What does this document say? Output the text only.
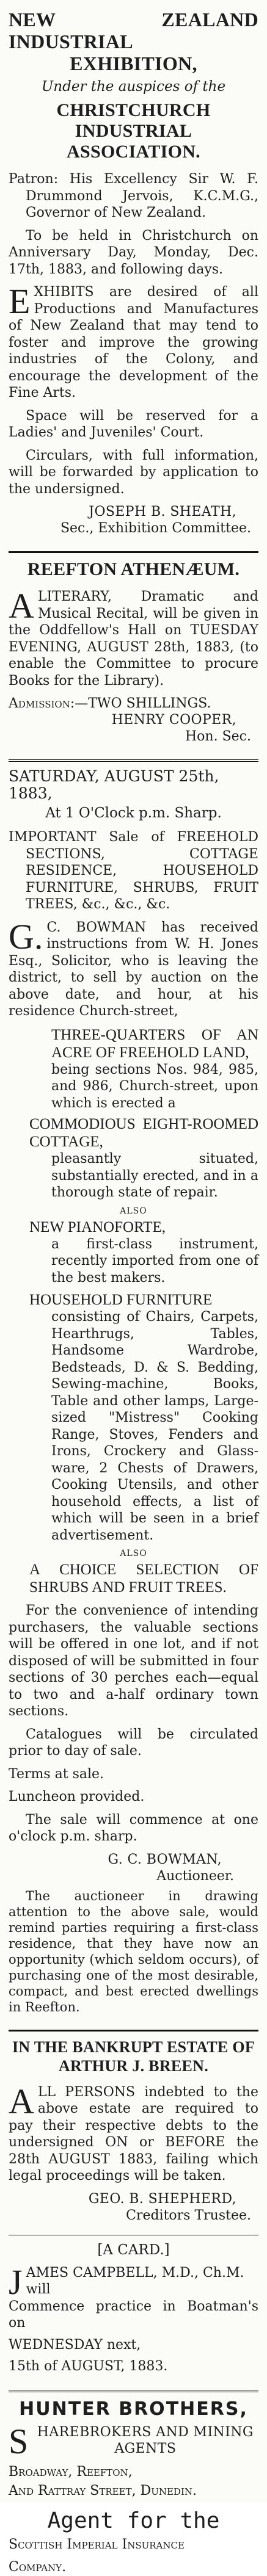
NEW ZEALAND INDUSTRIAL EXHIBITION,

Under the auspices of the

CHRISTCHURCH INDUSTRIAL ASSOCIATION.

Patron: His Excellency Sir W. F. Drummond Jervois, K.C.M.G., Governor of New Zealand.

To be held in Christchurch on Anniversary Day, Monday, Dec. 17th, 1883, and following days.

EXHIBITS are desired of all Productions and Manufactures of New Zealand that may tend to foster and improve the growing industries of the Colony, and encourage the development of the Fine Arts.

Space will be reserved for a Ladies' and Juveniles' Court.

Circulars, with full information, will be forwarded by application to the undersigned.

JOSEPH B. SHEATH,

Sec., Exhibition Committee.

REEFTON ATHENÆUM.

ALITERARY, Dramatic and Musical Recital, will be given in the Oddfellow's Hall on TUESDAY EVENING, AUGUST 28th, 1883, (to enable the Committee to procure Books for the Library).

Admission:—TWO SHILLINGS.

HENRY COOPER,

Hon. Sec.

SATURDAY, AUGUST 25th, 1883,

At 1 O'Clock p.m. Sharp.

IMPORTANT Sale of FREEHOLD SECTIONS, COTTAGE RESIDENCE, HOUSEHOLD FURNITURE, SHRUBS, FRUIT TREES, &c., &c., &c.

G.C. BOWMAN has received instructions from W. H. Jones Esq., Solicitor, who is leaving the district, to sell by auction on the above date, and hour, at his residence Church-street,

THREE-QUARTERS OF AN ACRE OF FREEHOLD LAND,

being sections Nos. 984, 985, and 986, Church-street, upon which is erected a

COMMODIOUS EIGHT-ROOMED COTTAGE,

pleasantly situated, substantially erected, and in a thorough state of repair.

ALSO

NEW PIANOFORTE,

a first-class instrument, recently imported from one of the best makers.

HOUSEHOLD FURNITURE

consisting of Chairs, Carpets, Hearthrugs, Tables, Handsome Wardrobe, Bedsteads, D. & S. Bedding, Sewing-machine, Books, Table and other lamps, Large-sized "Mistress" Cooking Range, Stoves, Fenders and Irons, Crockery and Glass-ware, 2 Chests of Drawers, Cooking Utensils, and other household effects, a list of which will be seen in a brief advertisement.

ALSO

A CHOICE SELECTION OF SHRUBS AND FRUIT TREES.

For the convenience of intending purchasers, the valuable sections will be offered in one lot, and if not disposed of will be submitted in four sections of 30 perches each—equal to two and a-half ordinary town sections.

Catalogues will be circulated prior to day of sale.

Terms at sale.

Luncheon provided.

The sale will commence at one o'clock p.m. sharp.

G. C. BOWMAN,

Auctioneer.

The auctioneer in drawing attention to the above sale, would remind parties requiring a first-class residence, that they have now an opportunity (which seldom occurs), of purchasing one of the most desirable, compact, and best erected dwellings in Reefton.

IN THE BANKRUPT ESTATE OF
ARTHUR J. BREEN.

ALL PERSONS indebted to the above estate are required to pay their respective debts to the undersigned ON or BEFORE the 28th AUGUST 1883, failing which legal proceedings will be taken.

GEO. B. SHEPHERD,

Creditors Trustee.

[A CARD.]

JAMES CAMPBELL, M.D., Ch.M.

will

Commence practice in Boatman's on

WEDNESDAY next,

15th of AUGUST, 1883.

HUNTER BROTHERS,

SHAREBROKERS AND MINING AGENTS

Broadway, Reefton,

And Rattray Street, Dunedin.

Agent for the

Scottish Imperial Insurance

Company.
